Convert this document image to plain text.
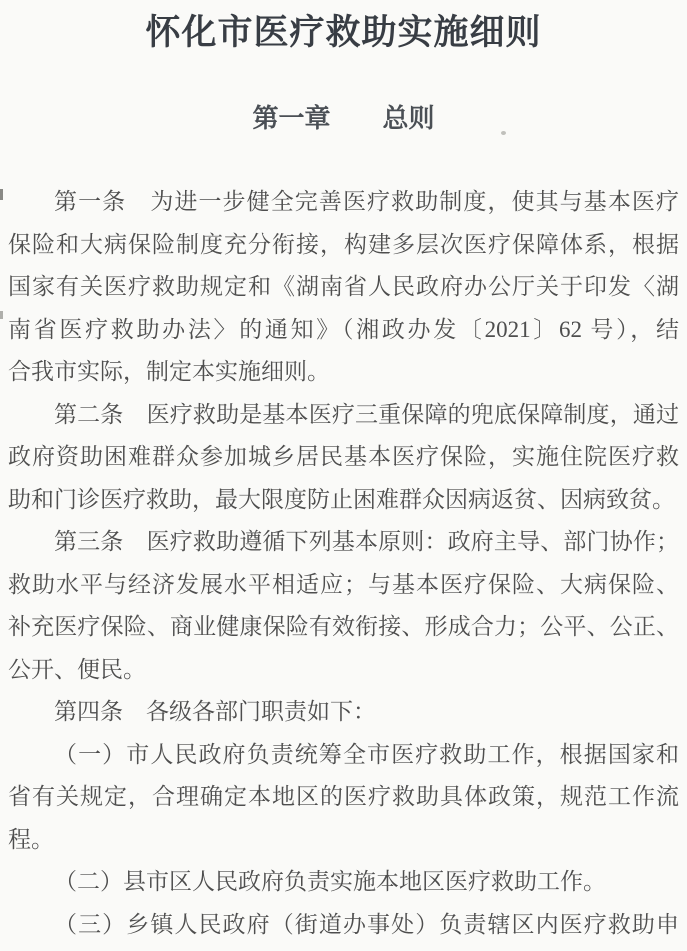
怀化市医疗救助实施细则
第一章 总则
第一条　为进一步健全完善医疗救助制度，使其与基本医疗
保险和大病保险制度充分衔接，构建多层次医疗保障体系，根据
国家有关医疗救助规定和《湖南省人民政府办公厅关于印发〈湖
南省医疗救助办法〉的通知》（湘政办发〔2021〕62 号），结
合我市实际，制定本实施细则。
第二条　医疗救助是基本医疗三重保障的兜底保障制度，通过
政府资助困难群众参加城乡居民基本医疗保险，实施住院医疗救
助和门诊医疗救助，最大限度防止困难群众因病返贫、因病致贫。
第三条　医疗救助遵循下列基本原则：政府主导、部门协作；
救助水平与经济发展水平相适应；与基本医疗保险、大病保险、
补充医疗保险、商业健康保险有效衔接、形成合力；公平、公正、
公开、便民。
第四条　各级各部门职责如下：
（一）市人民政府负责统筹全市医疗救助工作，根据国家和
省有关规定，合理确定本地区的医疗救助具体政策，规范工作流
程。
（二）县市区人民政府负责实施本地区医疗救助工作。
（三）乡镇人民政府（街道办事处）负责辖区内医疗救助申
